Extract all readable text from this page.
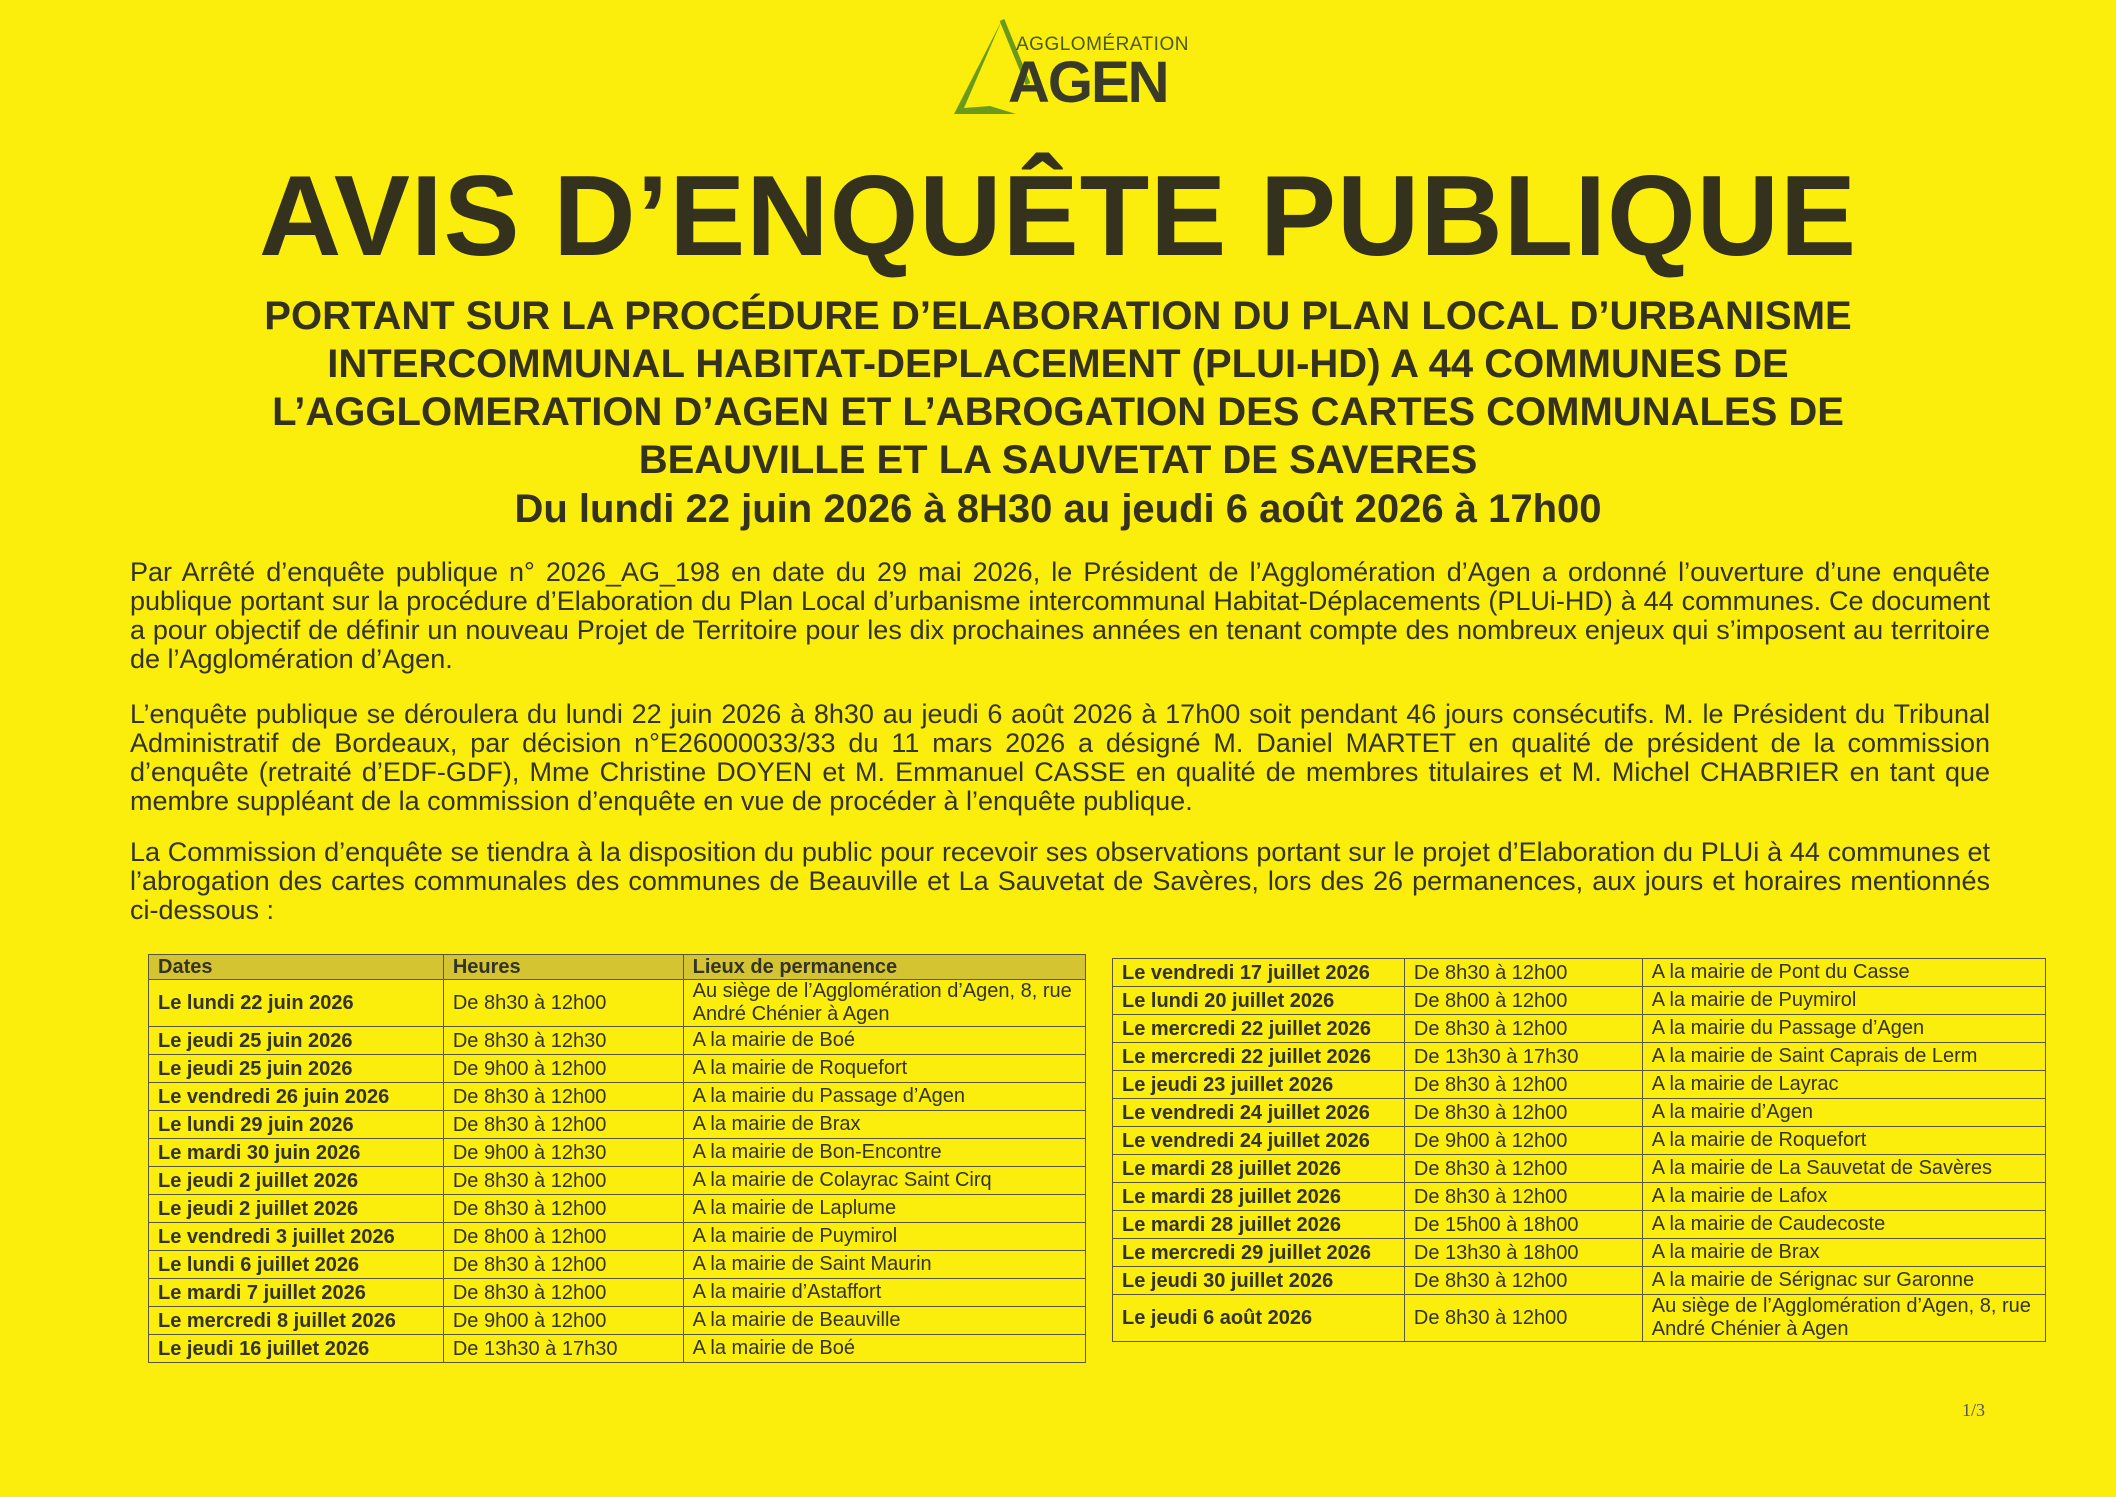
AGGLOMÉRATION
AGEN
AVIS D’ENQUÊTE PUBLIQUE
PORTANT SUR LA PROCÉDURE D’ELABORATION DU PLAN LOCAL D’URBANISME
INTERCOMMUNAL HABITAT-DEPLACEMENT (PLUI-HD) A 44 COMMUNES DE
L’AGGLOMERATION D’AGEN ET L’ABROGATION DES CARTES COMMUNALES DE
BEAUVILLE ET LA SAUVETAT DE SAVERES
Du lundi 22 juin 2026 à 8H30 au jeudi 6 août 2026 à 17h00

Par Arrêté d’enquête publique n° 2026_AG_198 en date du 29 mai 2026, le Président de l’Agglomération d’Agen a ordonné l’ouverture d’une enquête publique portant sur la procédure d’Elaboration du Plan Local d’urbanisme intercommunal Habitat-Déplacements (PLUi-HD) à 44 communes. Ce document a pour objectif de définir un nouveau Projet de Territoire pour les dix prochaines années en tenant compte des nombreux enjeux qui s’imposent au territoire de l’Agglomération d’Agen.

L’enquête publique se déroulera du lundi 22 juin 2026 à 8h30 au jeudi 6 août 2026 à 17h00 soit pendant 46 jours consécutifs. M. le Président du Tribunal Administratif de Bordeaux, par décision n°E26000033/33 du 11 mars 2026 a désigné M. Daniel MARTET en qualité de président de la commission d’enquête (retraité d’EDF-GDF), Mme Christine DOYEN et M. Emmanuel CASSE en qualité de membres titulaires et M. Michel CHABRIER en tant que membre suppléant de la commission d’enquête en vue de procéder à l’enquête publique.

La Commission d’enquête se tiendra à la disposition du public pour recevoir ses observations portant sur le projet d’Elaboration du PLUi à 44 communes et l’abrogation des cartes communales des communes de Beauville et La Sauvetat de Savères, lors des 26 permanences, aux jours et horaires mentionnés ci-dessous :

Dates	Heures	Lieux de permanence
Le lundi 22 juin 2026	De 8h30 à 12h00	Au siège de l’Agglomération d’Agen, 8, rue André Chénier à Agen
Le jeudi 25 juin 2026	De 8h30 à 12h30	A la mairie de Boé
Le jeudi 25 juin 2026	De 9h00 à 12h00	A la mairie de Roquefort
Le vendredi 26 juin 2026	De 8h30 à 12h00	A la mairie du Passage d’Agen
Le lundi 29 juin 2026	De 8h30 à 12h00	A la mairie de Brax
Le mardi 30 juin 2026	De 9h00 à 12h30	A la mairie de Bon-Encontre
Le jeudi 2 juillet 2026	De 8h30 à 12h00	A la mairie de Colayrac Saint Cirq
Le jeudi 2 juillet 2026	De 8h30 à 12h00	A la mairie de Laplume
Le vendredi 3 juillet 2026	De 8h00 à 12h00	A la mairie de Puymirol
Le lundi 6 juillet 2026	De 8h30 à 12h00	A la mairie de Saint Maurin
Le mardi 7 juillet 2026	De 8h30 à 12h00	A la mairie d’Astaffort
Le mercredi 8 juillet 2026	De 9h00 à 12h00	A la mairie de Beauville
Le jeudi 16 juillet 2026	De 13h30 à 17h30	A la mairie de Boé
Le vendredi 17 juillet 2026	De 8h30 à 12h00	A la mairie de Pont du Casse
Le lundi 20 juillet 2026	De 8h00 à 12h00	A la mairie de Puymirol
Le mercredi 22 juillet 2026	De 8h30 à 12h00	A la mairie du Passage d’Agen
Le mercredi 22 juillet 2026	De 13h30 à 17h30	A la mairie de Saint Caprais de Lerm
Le jeudi 23 juillet 2026	De 8h30 à 12h00	A la mairie de Layrac
Le vendredi 24 juillet 2026	De 8h30 à 12h00	A la mairie d’Agen
Le vendredi 24 juillet 2026	De 9h00 à 12h00	A la mairie de Roquefort
Le mardi 28 juillet 2026	De 8h30 à 12h00	A la mairie de La Sauvetat de Savères
Le mardi 28 juillet 2026	De 8h30 à 12h00	A la mairie de Lafox
Le mardi 28 juillet 2026	De 15h00 à 18h00	A la mairie de Caudecoste
Le mercredi 29 juillet 2026	De 13h30 à 18h00	A la mairie de Brax
Le jeudi 30 juillet 2026	De 8h30 à 12h00	A la mairie de Sérignac sur Garonne
Le jeudi 6 août 2026	De 8h30 à 12h00	Au siège de l’Agglomération d’Agen, 8, rue André Chénier à Agen
1/3
